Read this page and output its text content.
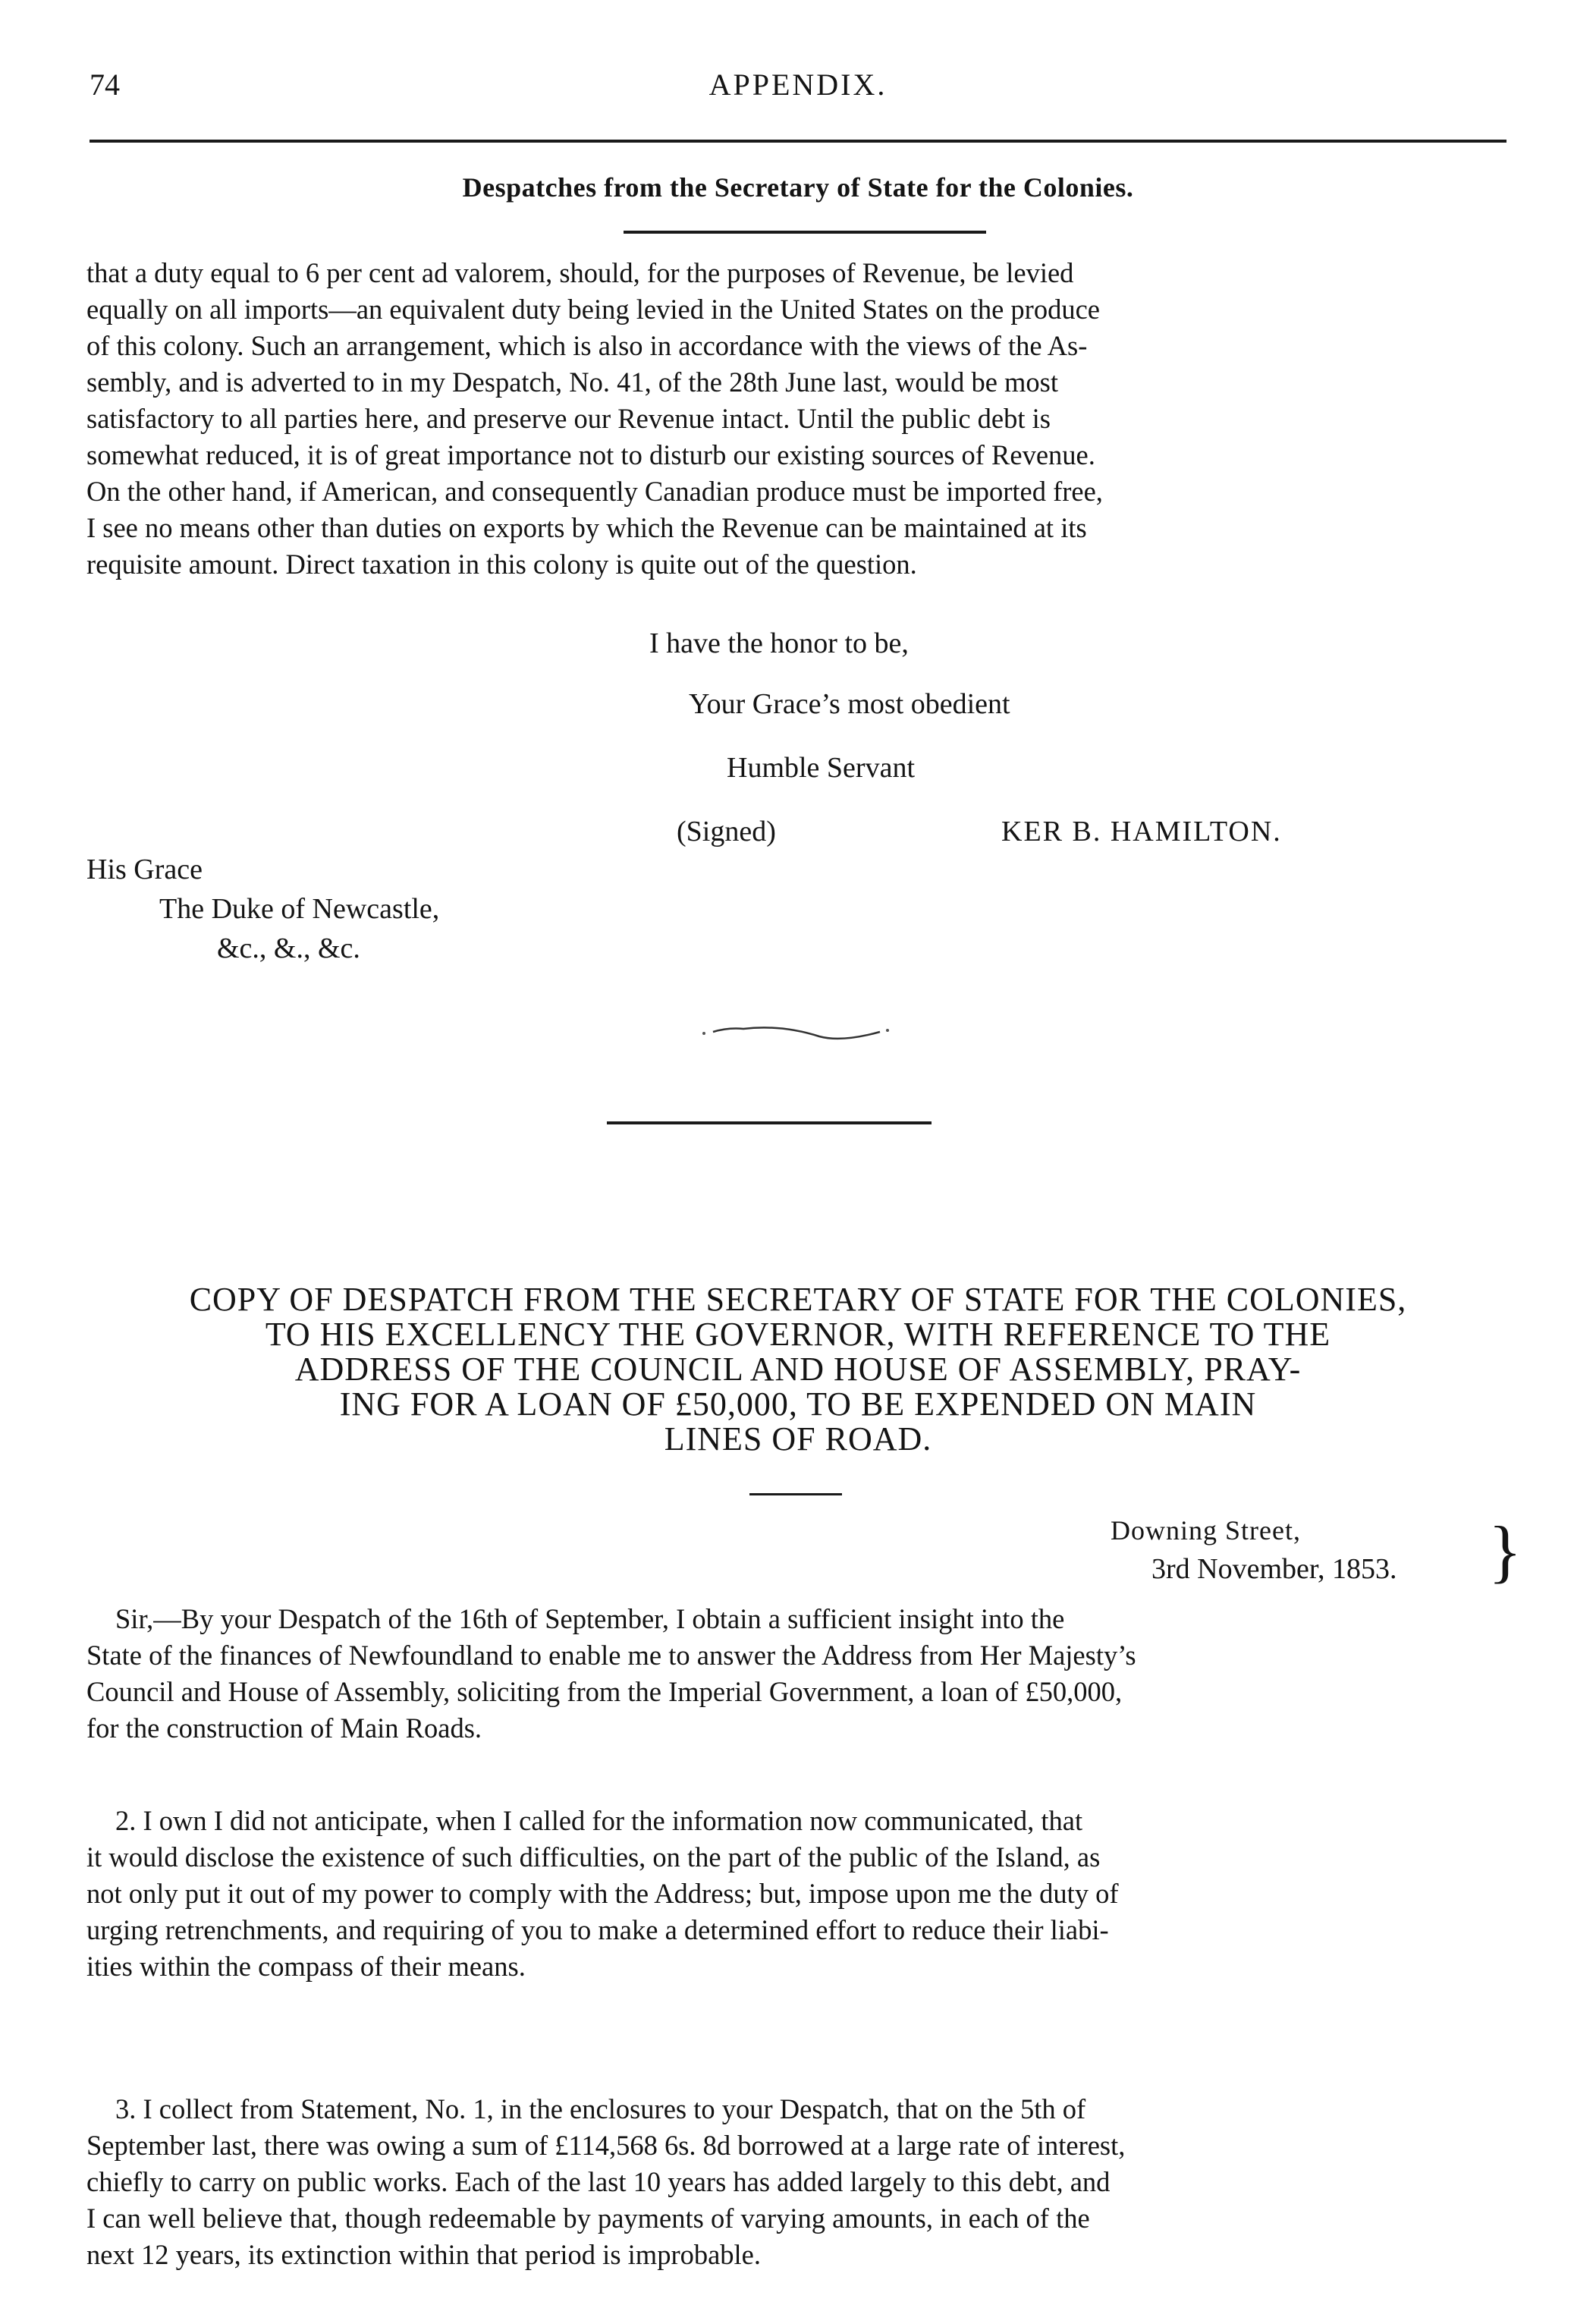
74	APPENDIX.
Despatches from the Secretary of State for the Colonies.
that a duty equal to 6 per cent ad valorem, should, for the purposes of Revenue, be levied
equally on all imports—an equivalent duty being levied in the United States on the produce
of this colony. Such an arrangement, which is also in accordance with the views of the As-
sembly, and is adverted to in my Despatch, No. 41, of the 28th June last, would be most
satisfactory to all parties here, and preserve our Revenue intact. Until the public debt is
somewhat reduced, it is of great importance not to disturb our existing sources of Revenue.
On the other hand, if American, and consequently Canadian produce must be imported free,
I see no means other than duties on exports by which the Revenue can be maintained at its
requisite amount. Direct taxation in this colony is quite out of the question.
I have the honor to be,
Your Grace’s most obedient
Humble Servant
(Signed)	KER B. HAMILTON.
His Grace
The Duke of Newcastle,
&c., &., &c.
COPY OF DESPATCH FROM THE SECRETARY OF STATE FOR THE COLONIES,
TO HIS EXCELLENCY THE GOVERNOR, WITH REFERENCE TO THE
ADDRESS OF THE COUNCIL AND HOUSE OF ASSEMBLY, PRAY-
ING FOR A LOAN OF £50,000, TO BE EXPENDED ON MAIN
LINES OF ROAD.
Downing Street,
3rd November, 1853. }
Sir,—By your Despatch of the 16th of September, I obtain a sufficient insight into the
State of the finances of Newfoundland to enable me to answer the Address from Her Majesty’s
Council and House of Assembly, soliciting from the Imperial Government, a loan of £50,000,
for the construction of Main Roads.
2. I own I did not anticipate, when I called for the information now communicated, that
it would disclose the existence of such difficulties, on the part of the public of the Island, as
not only put it out of my power to comply with the Address; but, impose upon me the duty of
urging retrenchments, and requiring of you to make a determined effort to reduce their liabi-
ities within the compass of their means.
3. I collect from Statement, No. 1, in the enclosures to your Despatch, that on the 5th of
September last, there was owing a sum of £114,568 6s. 8d borrowed at a large rate of interest,
chiefly to carry on public works. Each of the last 10 years has added largely to this debt, and
I can well believe that, though redeemable by payments of varying amounts, in each of the
next 12 years, its extinction within that period is improbable.
